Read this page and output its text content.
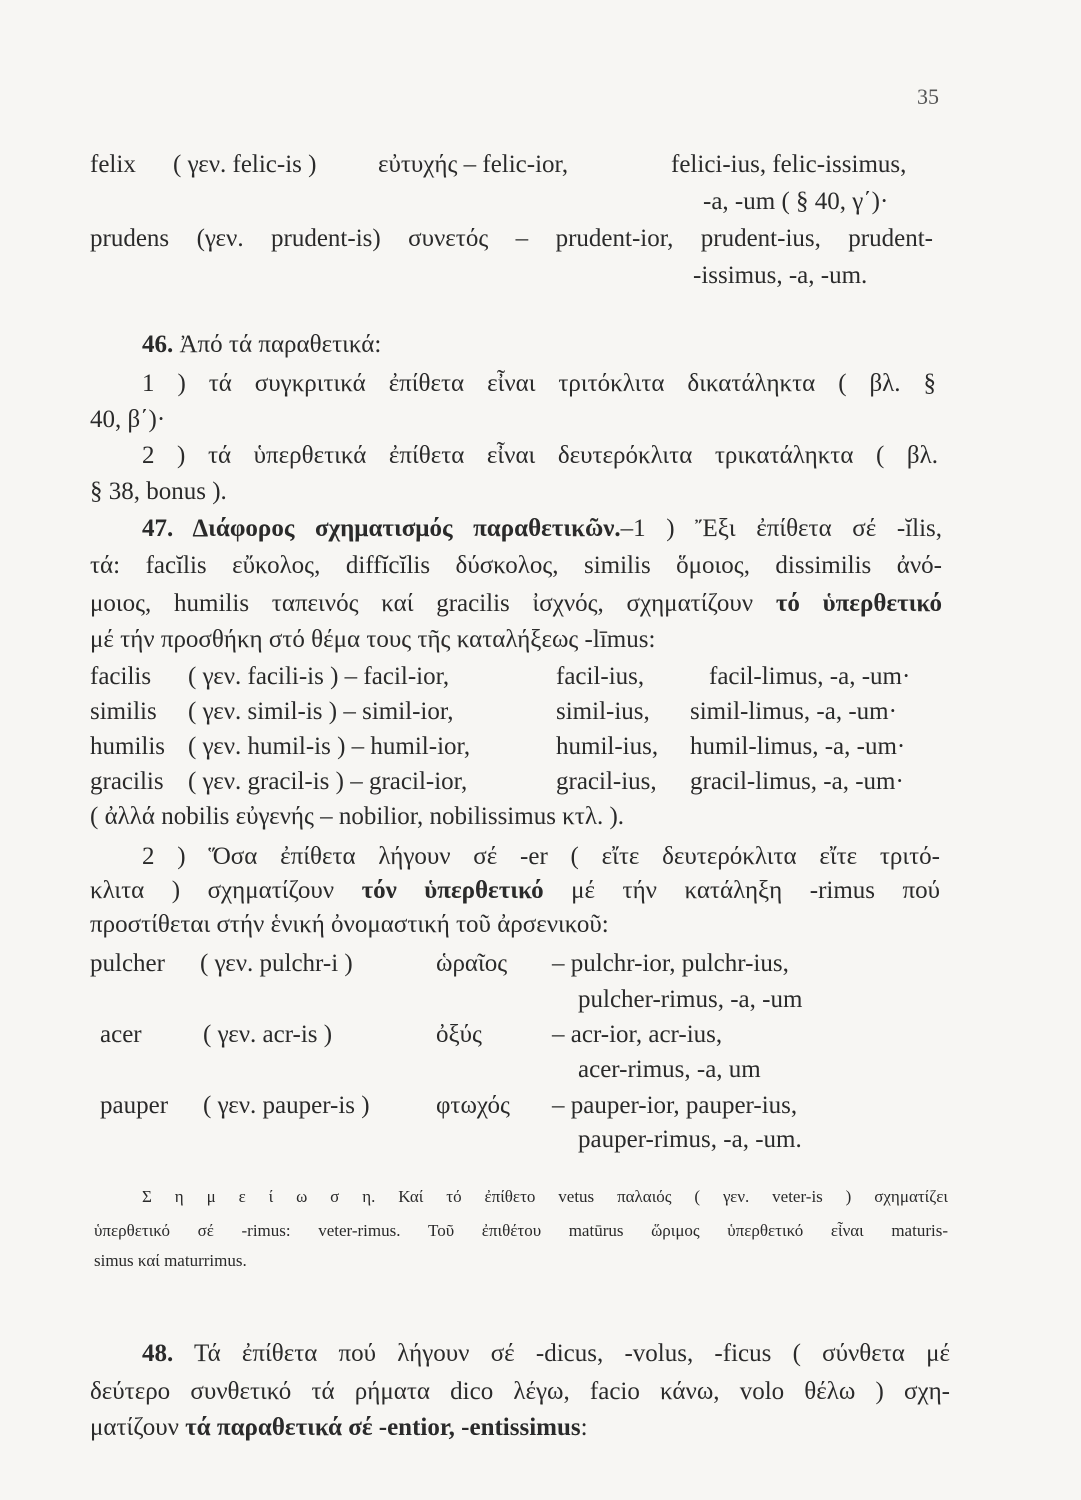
35
felix ( γεν. felic-is ) εὐτυχής – felic-ior,	felici-ius, felic-issimus,
-a, -um ( § 40, γ΄)·
prudens (γεν. prudent-is) συνετός – prudent-ior, prudent-ius, prudent-
-issimus, -a, -um.
46. Ἀπό τά παραθετικά:
1 ) τά συγκριτικά ἐπίθετα εἶναι τριτόκλιτα δικατάληκτα ( βλ. §
40, β΄)·
2 ) τά ὑπερθετικά ἐπίθετα εἶναι δευτερόκλιτα τρικατάληκτα ( βλ.
§ 38, bonus ).
47. Διάφορος σχηματισμός παραθετικῶν.–1 ) Ἔξι ἐπίθετα σέ -ĭlis,
τά: facĭlis εὔκολος, diffĭcĭlis δύσκολος, similis ὅμοιος, dissimilis ἀνό-
μοιος, humilis ταπεινός καί gracilis ἰσχνός, σχηματίζουν τό ὑπερθετικό
μέ τήν προσθήκη στό θέμα τους τῆς καταλήξεως -līmus:
facilis ( γεν. facili-is ) – facil-ior,	facil-ius,	facil-limus, -a, -um·
similis ( γεν. simil-is ) – simil-ior,	simil-ius, simil-limus, -a, -um·
humilis ( γεν. humil-is ) – humil-ior,	humil-ius, humil-limus, -a, -um·
gracilis ( γεν. gracil-is ) – gracil-ior,	gracil-ius, gracil-limus, -a, -um·
( ἀλλά nobilis εὐγενής – nobilior, nobilissimus κτλ. ).
2 ) Ὅσα ἐπίθετα λήγουν σέ -er ( εἴτε δευτερόκλιτα εἴτε τριτό-
κλιτα ) σχηματίζουν τόν ὑπερθετικό μέ τήν κατάληξη -rimus πού
προστίθεται στήν ἑνική ὀνομαστική τοῦ ἀρσενικοῦ:
pulcher ( γεν. pulchr-i )	ὡραῖος – pulchr-ior, pulchr-ius,
pulcher-rimus, -a, -um
acer ( γεν. acr-is )	ὀξύς	– acr-ior, acr-ius,
acer-rimus, -a, um
pauper ( γεν. pauper-is )	φτωχός – pauper-ior, pauper-ius,
pauper-rimus, -a, -um.
Σ η μ ε ί ω σ η. Καί τό ἐπίθετο vetus παλαιός ( γεν. veter-is ) σχηματίζει
ὑπερθετικό σέ -rimus: veter-rimus. Τοῦ ἐπιθέτου matūrus ὥριμος ὑπερθετικό εἶναι maturis-
simus καί maturrimus.
48. Τά ἐπίθετα πού λήγουν σέ -dicus, -volus, -ficus ( σύνθετα μέ
δεύτερο συνθετικό τά ρήματα dico λέγω, facio κάνω, volo θέλω ) σχη-
ματίζουν τά παραθετικά σέ -entior, -entissimus:
